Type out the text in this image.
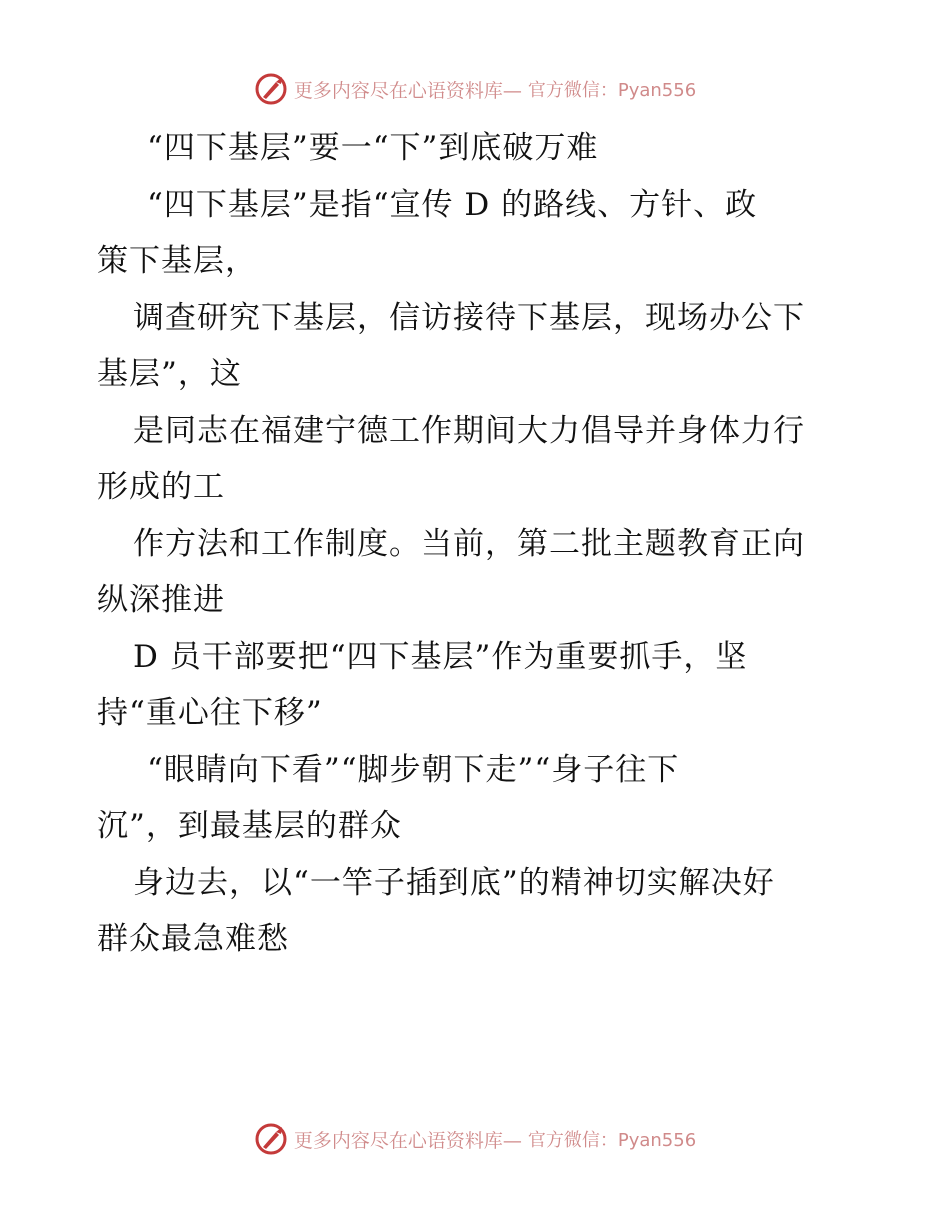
更多内容尽在心语资料库— 官方微信：Pyan556
“四下基层”要一“下”到底破万难
“四下基层”是指“宣传 D 的路线、方针、政
策下基层，
调查研究下基层，信访接待下基层，现场办公下
基层”，这
是同志在福建宁德工作期间大力倡导并身体力行
形成的工
作方法和工作制度。当前，第二批主题教育正向
纵深推进
D 员干部要把“四下基层”作为重要抓手，坚
持“重心往下移”
“眼睛向下看”“脚步朝下走”“身子往下
沉”，到最基层的群众
身边去，以“一竿子插到底”的精神切实解决好
群众最急难愁
更多内容尽在心语资料库— 官方微信：Pyan556
